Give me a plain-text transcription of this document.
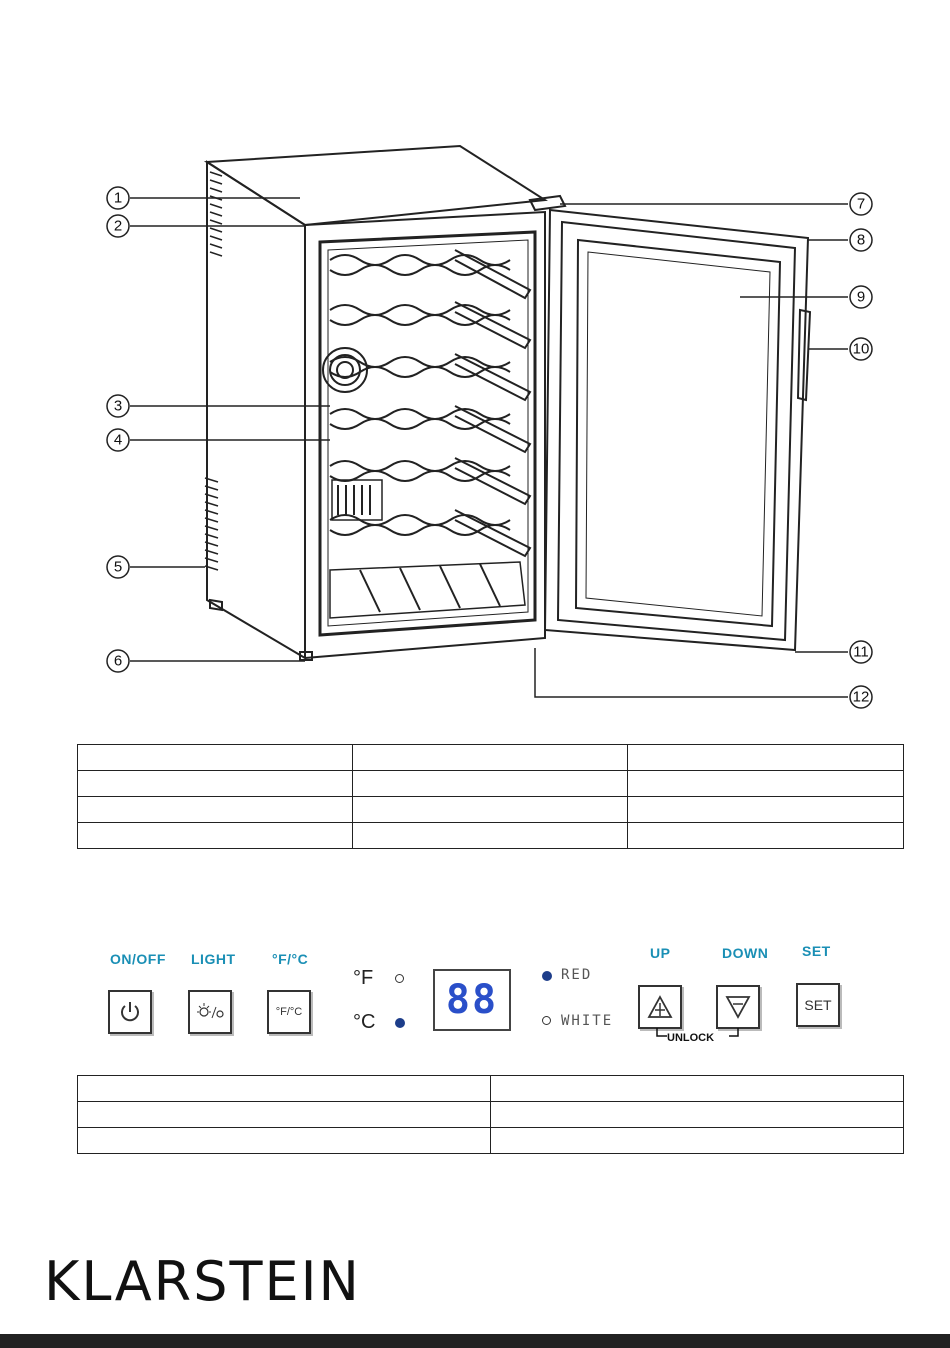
1
2
3
4
5
6
7
8
9
10
11
12

ON/OFF LIGHT	°F/°C
°F/°C
°F
°C	88
RED
WHITE
UP	DOWN
UNLOCK
SET
SET

KLARSTEIN
